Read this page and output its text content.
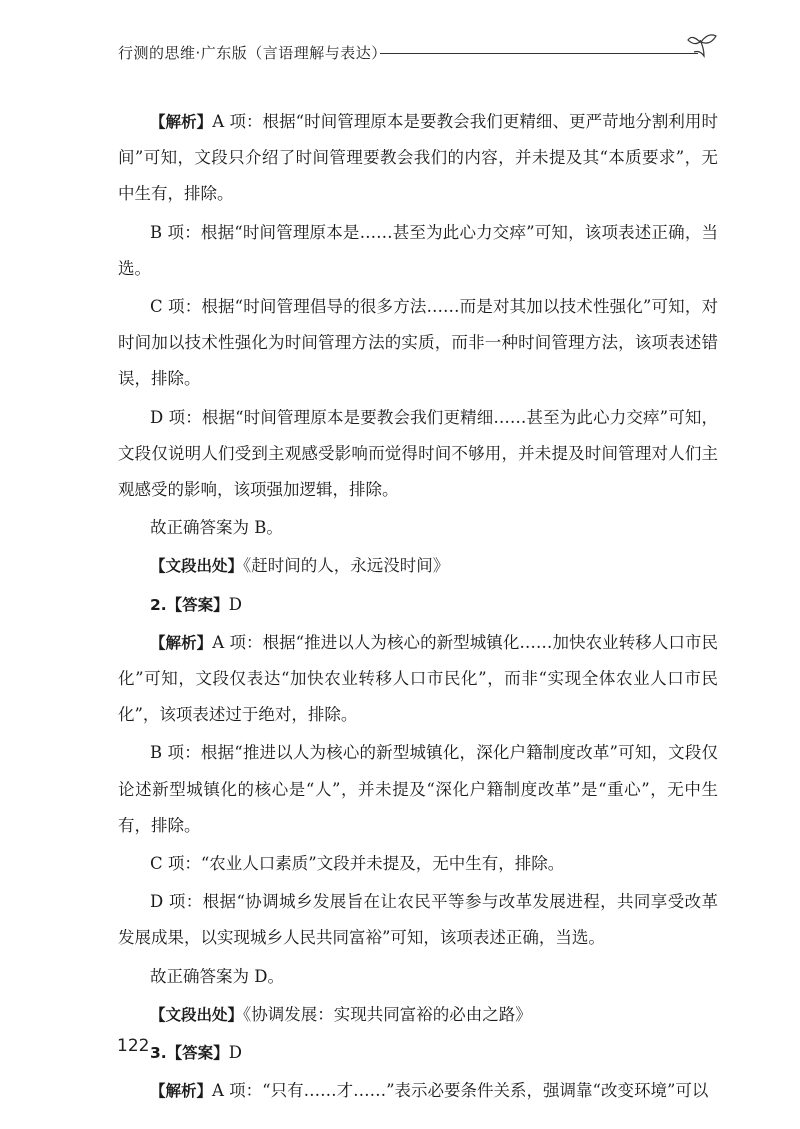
行测的思维·广东版（言语理解与表达）

【解析】A 项：根据“时间管理原本是要教会我们更精细、更严苛地分割利用时间”可知，文段只介绍了时间管理要教会我们的内容，并未提及其“本质要求”，无中生有，排除。

B 项：根据“时间管理原本是……甚至为此心力交瘁”可知，该项表述正确，当选。

C 项：根据“时间管理倡导的很多方法……而是对其加以技术性强化”可知，对时间加以技术性强化为时间管理方法的实质，而非一种时间管理方法，该项表述错误，排除。

D 项：根据“时间管理原本是要教会我们更精细……甚至为此心力交瘁”可知，文段仅说明人们受到主观感受影响而觉得时间不够用，并未提及时间管理对人们主观感受的影响，该项强加逻辑，排除。

故正确答案为 B。

【文段出处】《赶时间的人，永远没时间》

2.【答案】D

【解析】A 项：根据“推进以人为核心的新型城镇化……加快农业转移人口市民化”可知，文段仅表达“加快农业转移人口市民化”，而非“实现全体农业人口市民化”，该项表述过于绝对，排除。

B 项：根据“推进以人为核心的新型城镇化，深化户籍制度改革”可知，文段仅论述新型城镇化的核心是“人”，并未提及“深化户籍制度改革”是“重心”，无中生有，排除。

C 项：“农业人口素质”文段并未提及，无中生有，排除。

D 项：根据“协调城乡发展旨在让农民平等参与改革发展进程，共同享受改革发展成果，以实现城乡人民共同富裕”可知，该项表述正确，当选。

故正确答案为 D。

【文段出处】《协调发展：实现共同富裕的必由之路》

3.【答案】D

【解析】A 项：“只有……才……”表示必要条件关系，强调靠“改变环境”可以

122
